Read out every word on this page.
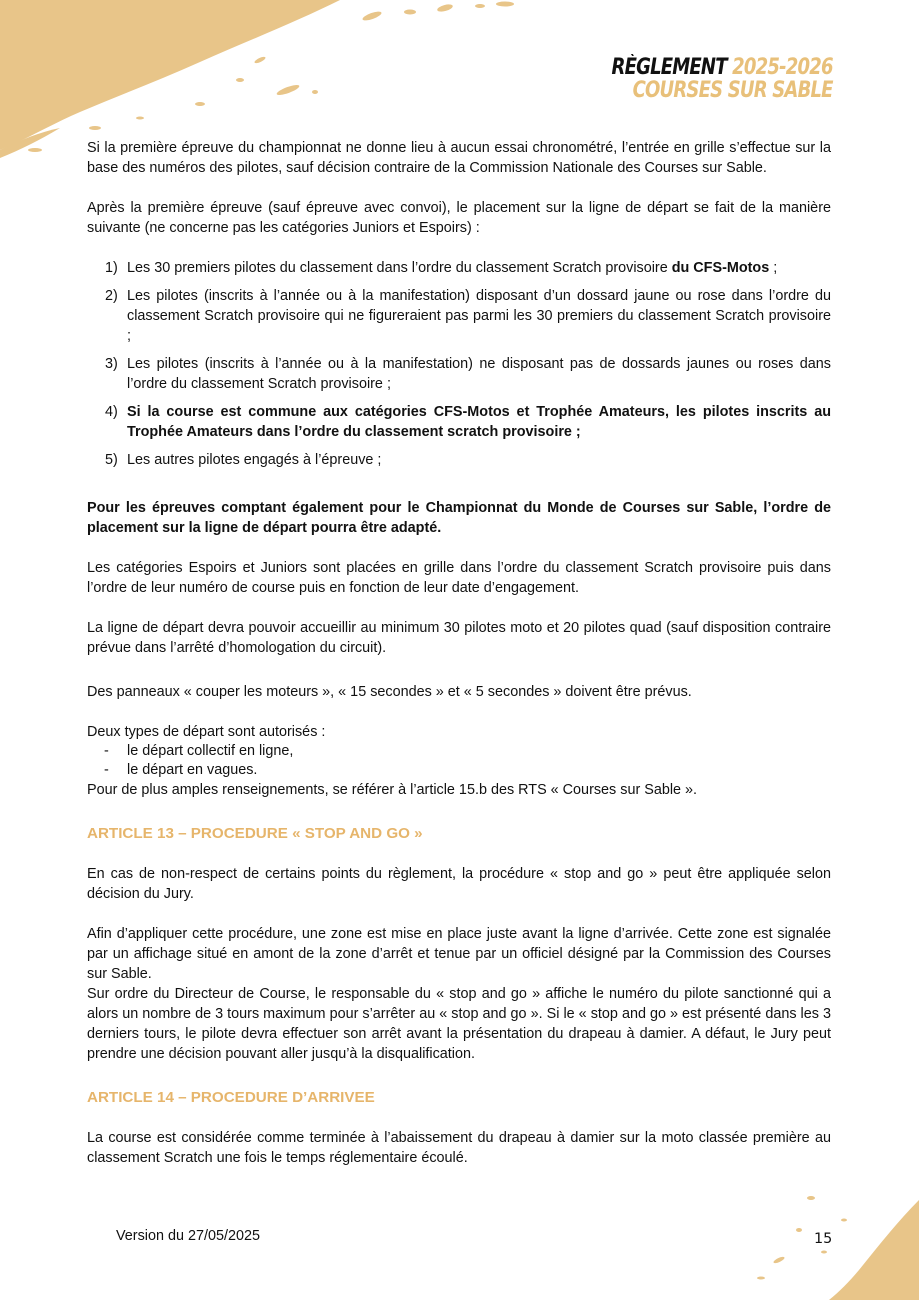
RÈGLEMENT 2025-2026
COURSES SUR SABLE

Si la première épreuve du championnat ne donne lieu à aucun essai chronométré, l’entrée en grille s’effectue sur la base des numéros des pilotes, sauf décision contraire de la Commission Nationale des Courses sur Sable.

Après la première épreuve (sauf épreuve avec convoi), le placement sur la ligne de départ se fait de la manière suivante (ne concerne pas les catégories Juniors et Espoirs) :

1) Les 30 premiers pilotes du classement dans l’ordre du classement Scratch provisoire du CFS-Motos ;
2) Les pilotes (inscrits à l’année ou à la manifestation) disposant d’un dossard jaune ou rose dans l’ordre du classement Scratch provisoire qui ne figureraient pas parmi les 30 premiers du classement Scratch provisoire ;
3) Les pilotes (inscrits à l’année ou à la manifestation) ne disposant pas de dossards jaunes ou roses dans l’ordre du classement Scratch provisoire ;
4) Si la course est commune aux catégories CFS-Motos et Trophée Amateurs, les pilotes inscrits au Trophée Amateurs dans l’ordre du classement scratch provisoire ;
5) Les autres pilotes engagés à l’épreuve ;

Pour les épreuves comptant également pour le Championnat du Monde de Courses sur Sable, l’ordre de placement sur la ligne de départ pourra être adapté.

Les catégories Espoirs et Juniors sont placées en grille dans l’ordre du classement Scratch provisoire puis dans l’ordre de leur numéro de course puis en fonction de leur date d’engagement.

La ligne de départ devra pouvoir accueillir au minimum 30 pilotes moto et 20 pilotes quad (sauf disposition contraire prévue dans l’arrêté d’homologation du circuit).

Des panneaux « couper les moteurs », « 15 secondes » et « 5 secondes » doivent être prévus.

Deux types de départ sont autorisés :

- le départ collectif en ligne,
- le départ en vagues.

Pour de plus amples renseignements, se référer à l’article 15.b des RTS « Courses sur Sable ».

ARTICLE 13 – PROCEDURE « STOP AND GO »

En cas de non-respect de certains points du règlement, la procédure « stop and go » peut être appliquée selon décision du Jury.

Afin d’appliquer cette procédure, une zone est mise en place juste avant la ligne d’arrivée. Cette zone est signalée par un affichage situé en amont de la zone d’arrêt et tenue par un officiel désigné par la Commission des Courses sur Sable.

Sur ordre du Directeur de Course, le responsable du « stop and go » affiche le numéro du pilote sanctionné qui a alors un nombre de 3 tours maximum pour s’arrêter au « stop and go ». Si le « stop and go » est présenté dans les 3 derniers tours, le pilote devra effectuer son arrêt avant la présentation du drapeau à damier. A défaut, le Jury peut prendre une décision pouvant aller jusqu’à la disqualification.

ARTICLE 14 – PROCEDURE D’ARRIVEE

La course est considérée comme terminée à l’abaissement du drapeau à damier sur la moto classée première au classement Scratch une fois le temps réglementaire écoulé.

Version du 27/05/2025	15
